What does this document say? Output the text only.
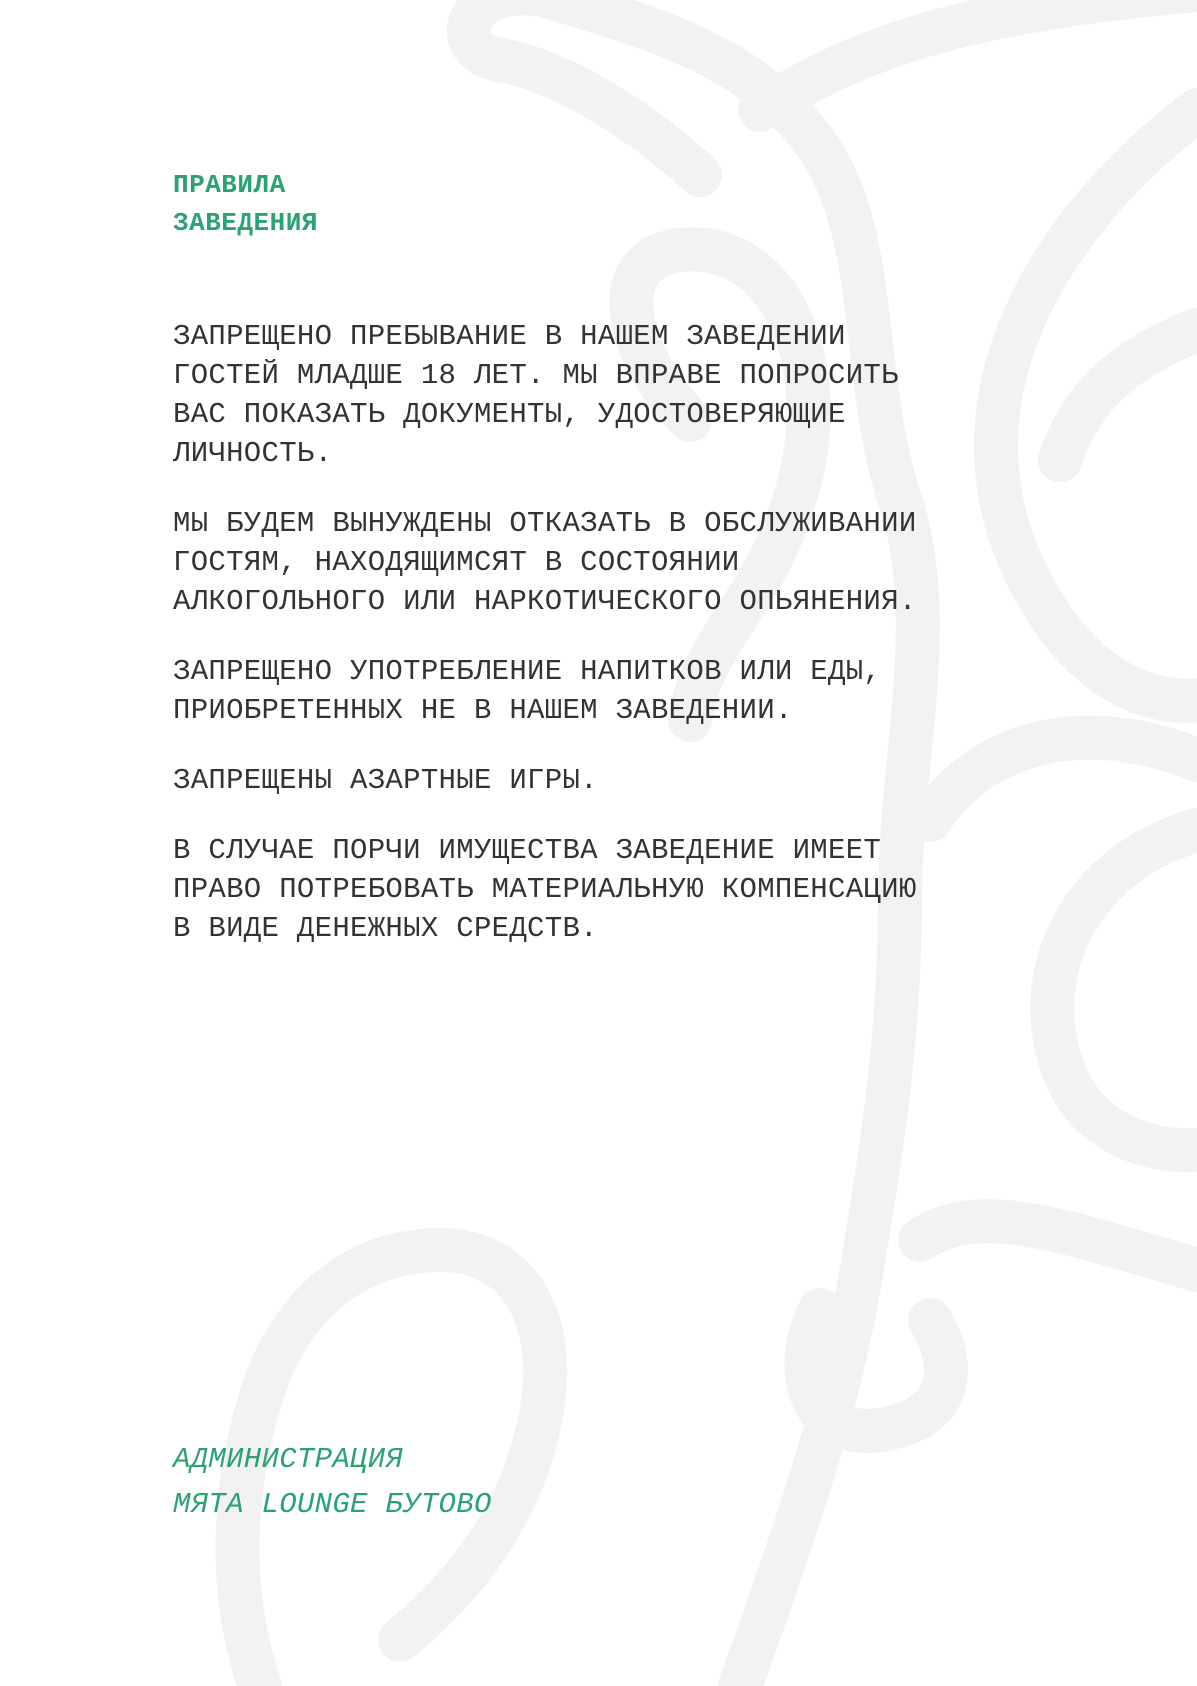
ПРАВИЛА
ЗАВЕДЕНИЯ

ЗАПРЕЩЕНО ПРЕБЫВАНИЕ В НАШЕМ ЗАВЕДЕНИИ
ГОСТЕЙ МЛАДШЕ 18 ЛЕТ. МЫ ВПРАВЕ ПОПРОСИТЬ
ВАС ПОКАЗАТЬ ДОКУМЕНТЫ, УДОСТОВЕРЯЮЩИЕ
ЛИЧНОСТЬ.

МЫ БУДЕМ ВЫНУЖДЕНЫ ОТКАЗАТЬ В ОБСЛУЖИВАНИИ
ГОСТЯМ, НАХОДЯЩИМСЯТ В СОСТОЯНИИ
АЛКОГОЛЬНОГО ИЛИ НАРКОТИЧЕСКОГО ОПЬЯНЕНИЯ.

ЗАПРЕЩЕНО УПОТРЕБЛЕНИЕ НАПИТКОВ ИЛИ ЕДЫ,
ПРИОБРЕТЕННЫХ НЕ В НАШЕМ ЗАВЕДЕНИИ.

ЗАПРЕЩЕНЫ АЗАРТНЫЕ ИГРЫ.

В СЛУЧАЕ ПОРЧИ ИМУЩЕСТВА ЗАВЕДЕНИЕ ИМЕЕТ
ПРАВО ПОТРЕБОВАТЬ МАТЕРИАЛЬНУЮ КОМПЕНСАЦИЮ
В ВИДЕ ДЕНЕЖНЫХ СРЕДСТВ.

АДМИНИСТРАЦИЯ
МЯТА LOUNGE БУТОВО
